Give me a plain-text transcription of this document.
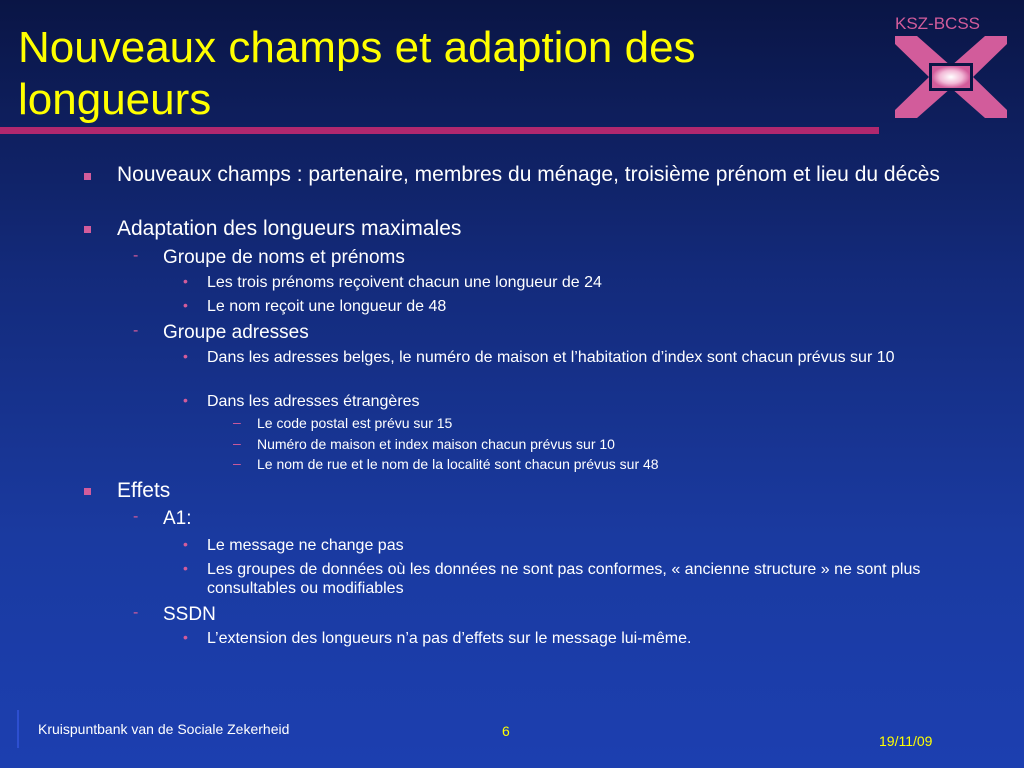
Nouveaux champs et adaption des longueurs
KSZ-BCSS

Nouveaux champs : partenaire, membres du ménage, troisième prénom et lieu du décès

Adaptation des longueurs maximales

- Groupe de noms et prénoms

• Les trois prénoms reçoivent chacun une longueur de 24

• Le nom reçoit une longueur de 48

- Groupe adresses

• Dans les adresses belges, le numéro de maison et l’habitation d’index sont chacun prévus sur 10

• Dans les adresses étrangères

– Le code postal est prévu sur 15

– Numéro de maison et index maison chacun prévus sur 10

– Le nom de rue et le nom de la localité sont chacun prévus sur 48

Effets

- A1:

• Le message ne change pas

• Les groupes de données où les données ne sont pas conformes, « ancienne structure » ne sont plus consultables ou modifiables

- SSDN

• L’extension des longueurs n’a pas d’effets sur le message lui-même.

Kruispuntbank van de Sociale Zekerheid	6
19/11/09
